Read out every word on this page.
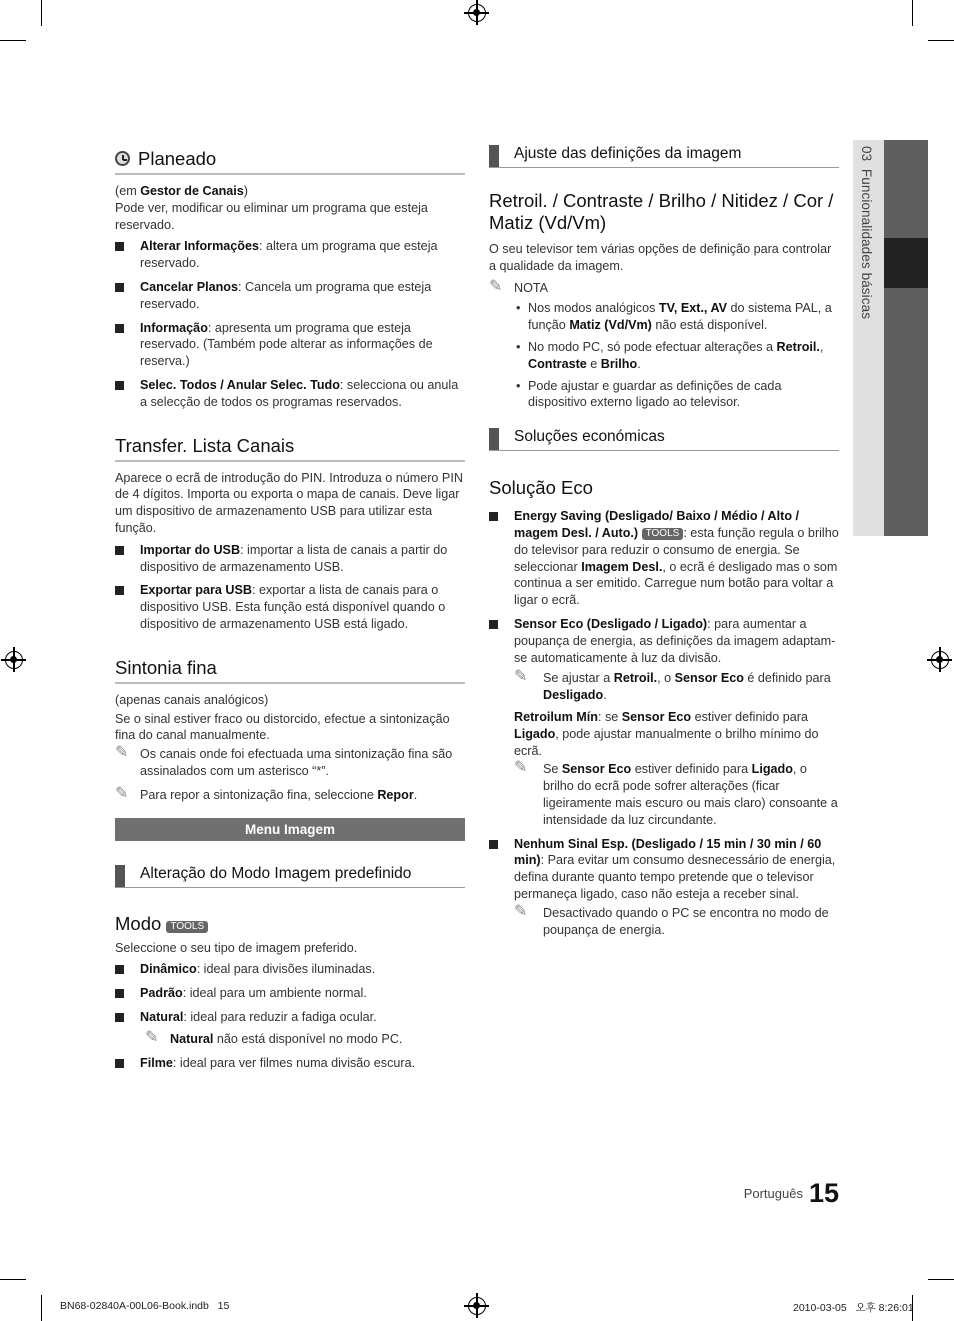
03  Funcionalidades básicas
Planeado

(em Gestor de Canais)

Pode ver, modificar ou eliminar um programa que esteja reservado.

Alterar Informações: altera um programa que esteja reservado.

Cancelar Planos: Cancela um programa que esteja reservado.

Informação: apresenta um programa que esteja reservado. (Também pode alterar as informações de reserva.)

Selec. Todos / Anular Selec. Tudo: selecciona ou anula a selecção de todos os programas reservados.

Transfer. Lista Canais

Aparece o ecrã de introdução do PIN. Introduza o número PIN de 4 dígitos. Importa ou exporta o mapa de canais. Deve ligar um dispositivo de armazenamento USB para utilizar esta função.

Importar do USB: importar a lista de canais a partir do dispositivo de armazenamento USB.

Exportar para USB: exportar a lista de canais para o dispositivo USB. Esta função está disponível quando o dispositivo de armazenamento USB está ligado.

Sintonia fina

(apenas canais analógicos)

Se o sinal estiver fraco ou distorcido, efectue a sintonização fina do canal manualmente.

✎ Os canais onde foi efectuada uma sintonização fina são assinalados com um asterisco “*”.

✎ Para repor a sintonização fina, seleccione Repor.

Menu Imagem
Alteração do Modo Imagem predefinido
Modo TOOLS

Seleccione o seu tipo de imagem preferido.

Dinâmico: ideal para divisões iluminadas.

Padrão: ideal para um ambiente normal.

Natural: ideal para reduzir a fadiga ocular.

✎ Natural não está disponível no modo PC.

Filme: ideal para ver filmes numa divisão escura.

Ajuste das definições da imagem
Retroil. / Contraste / Brilho / Nitidez / Cor / Matiz (Vd/Vm)

O seu televisor tem várias opções de definição para controlar a qualidade da imagem.

✎ NOTA

• Nos modos analógicos TV, Ext., AV do sistema PAL, a função Matiz (Vd/Vm) não está disponível.

• No modo PC, só pode efectuar alterações a Retroil., Contraste e Brilho.

• Pode ajustar e guardar as definições de cada dispositivo externo ligado ao televisor.

Soluções económicas
Solução Eco

Energy Saving (Desligado/ Baixo / Médio / Alto / magem Desl. / Auto.) TOOLS : esta função regula o brilho do televisor para reduzir o consumo de energia. Se seleccionar Imagem Desl., o ecrã é desligado mas o som continua a ser emitido. Carregue num botão para voltar a ligar o ecrã.

Sensor Eco (Desligado / Ligado): para aumentar a poupança de energia, as definições da imagem adaptam-se automaticamente à luz da divisão.

✎ Se ajustar a Retroil., o Sensor Eco é definido para Desligado.

Retroilum Mín: se Sensor Eco estiver definido para Ligado, pode ajustar manualmente o brilho mínimo do ecrã.

✎ Se Sensor Eco estiver definido para Ligado, o brilho do ecrã pode sofrer alterações (ficar ligeiramente mais escuro ou mais claro) consoante a intensidade da luz circundante.

Nenhum Sinal Esp. (Desligado / 15 min / 30 min / 60 min): Para evitar um consumo desnecessário de energia, defina durante quanto tempo pretende que o televisor permaneça ligado, caso não esteja a receber sinal.

✎ Desactivado quando o PC se encontra no modo de poupança de energia.

$^{Português}$ 15
BN68-02840A-00L06-Book.indb   15	2010-03-05   오후 8:26:01
